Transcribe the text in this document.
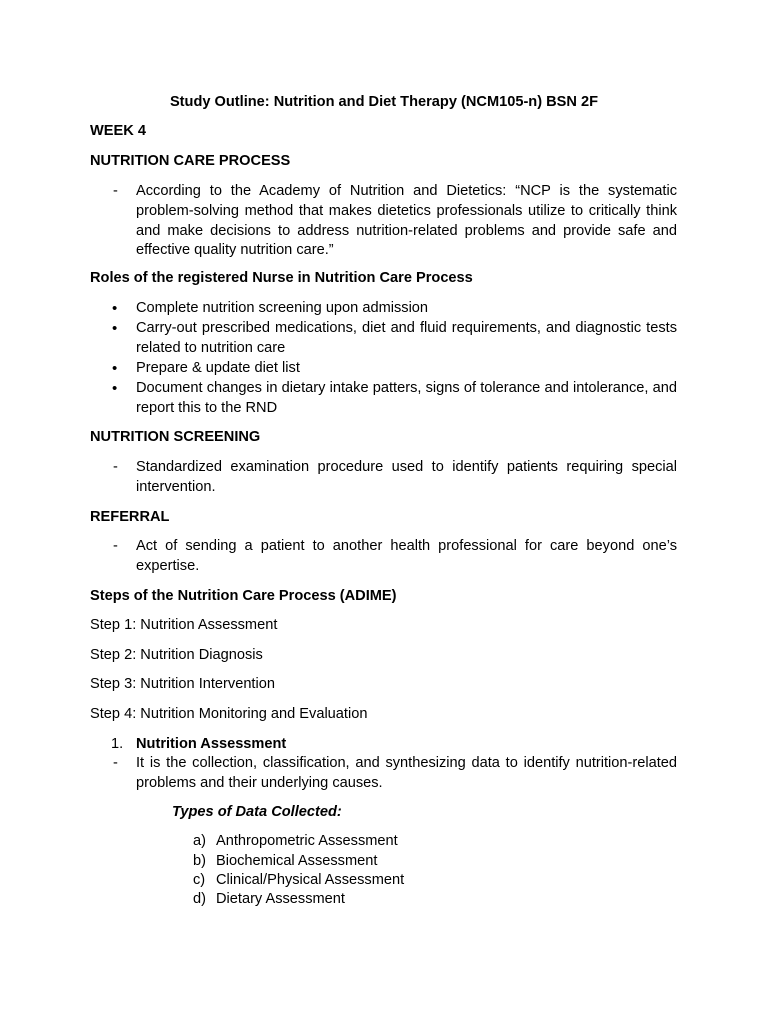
Study Outline: Nutrition and Diet Therapy (NCM105-n) BSN 2F
WEEK 4
NUTRITION CARE PROCESS
- According to the Academy of Nutrition and Dietetics: “NCP is the systematic problem-solving method that makes dietetics professionals utilize to critically think and make decisions to address nutrition-related problems and provide safe and effective quality nutrition care.”
Roles of the registered Nurse in Nutrition Care Process
• Complete nutrition screening upon admission
• Carry-out prescribed medications, diet and fluid requirements, and diagnostic tests related to nutrition care
• Prepare & update diet list
• Document changes in dietary intake patters, signs of tolerance and intolerance, and report this to the RND
NUTRITION SCREENING
- Standardized examination procedure used to identify patients requiring special intervention.
REFERRAL
- Act of sending a patient to another health professional for care beyond one’s expertise.
Steps of the Nutrition Care Process (ADIME)
Step 1: Nutrition Assessment
Step 2: Nutrition Diagnosis
Step 3: Nutrition Intervention
Step 4: Nutrition Monitoring and Evaluation
1. Nutrition Assessment
- It is the collection, classification, and synthesizing data to identify nutrition-related problems and their underlying causes.
Types of Data Collected:
a) Anthropometric Assessment
b) Biochemical Assessment
c) Clinical/Physical Assessment
d) Dietary Assessment
